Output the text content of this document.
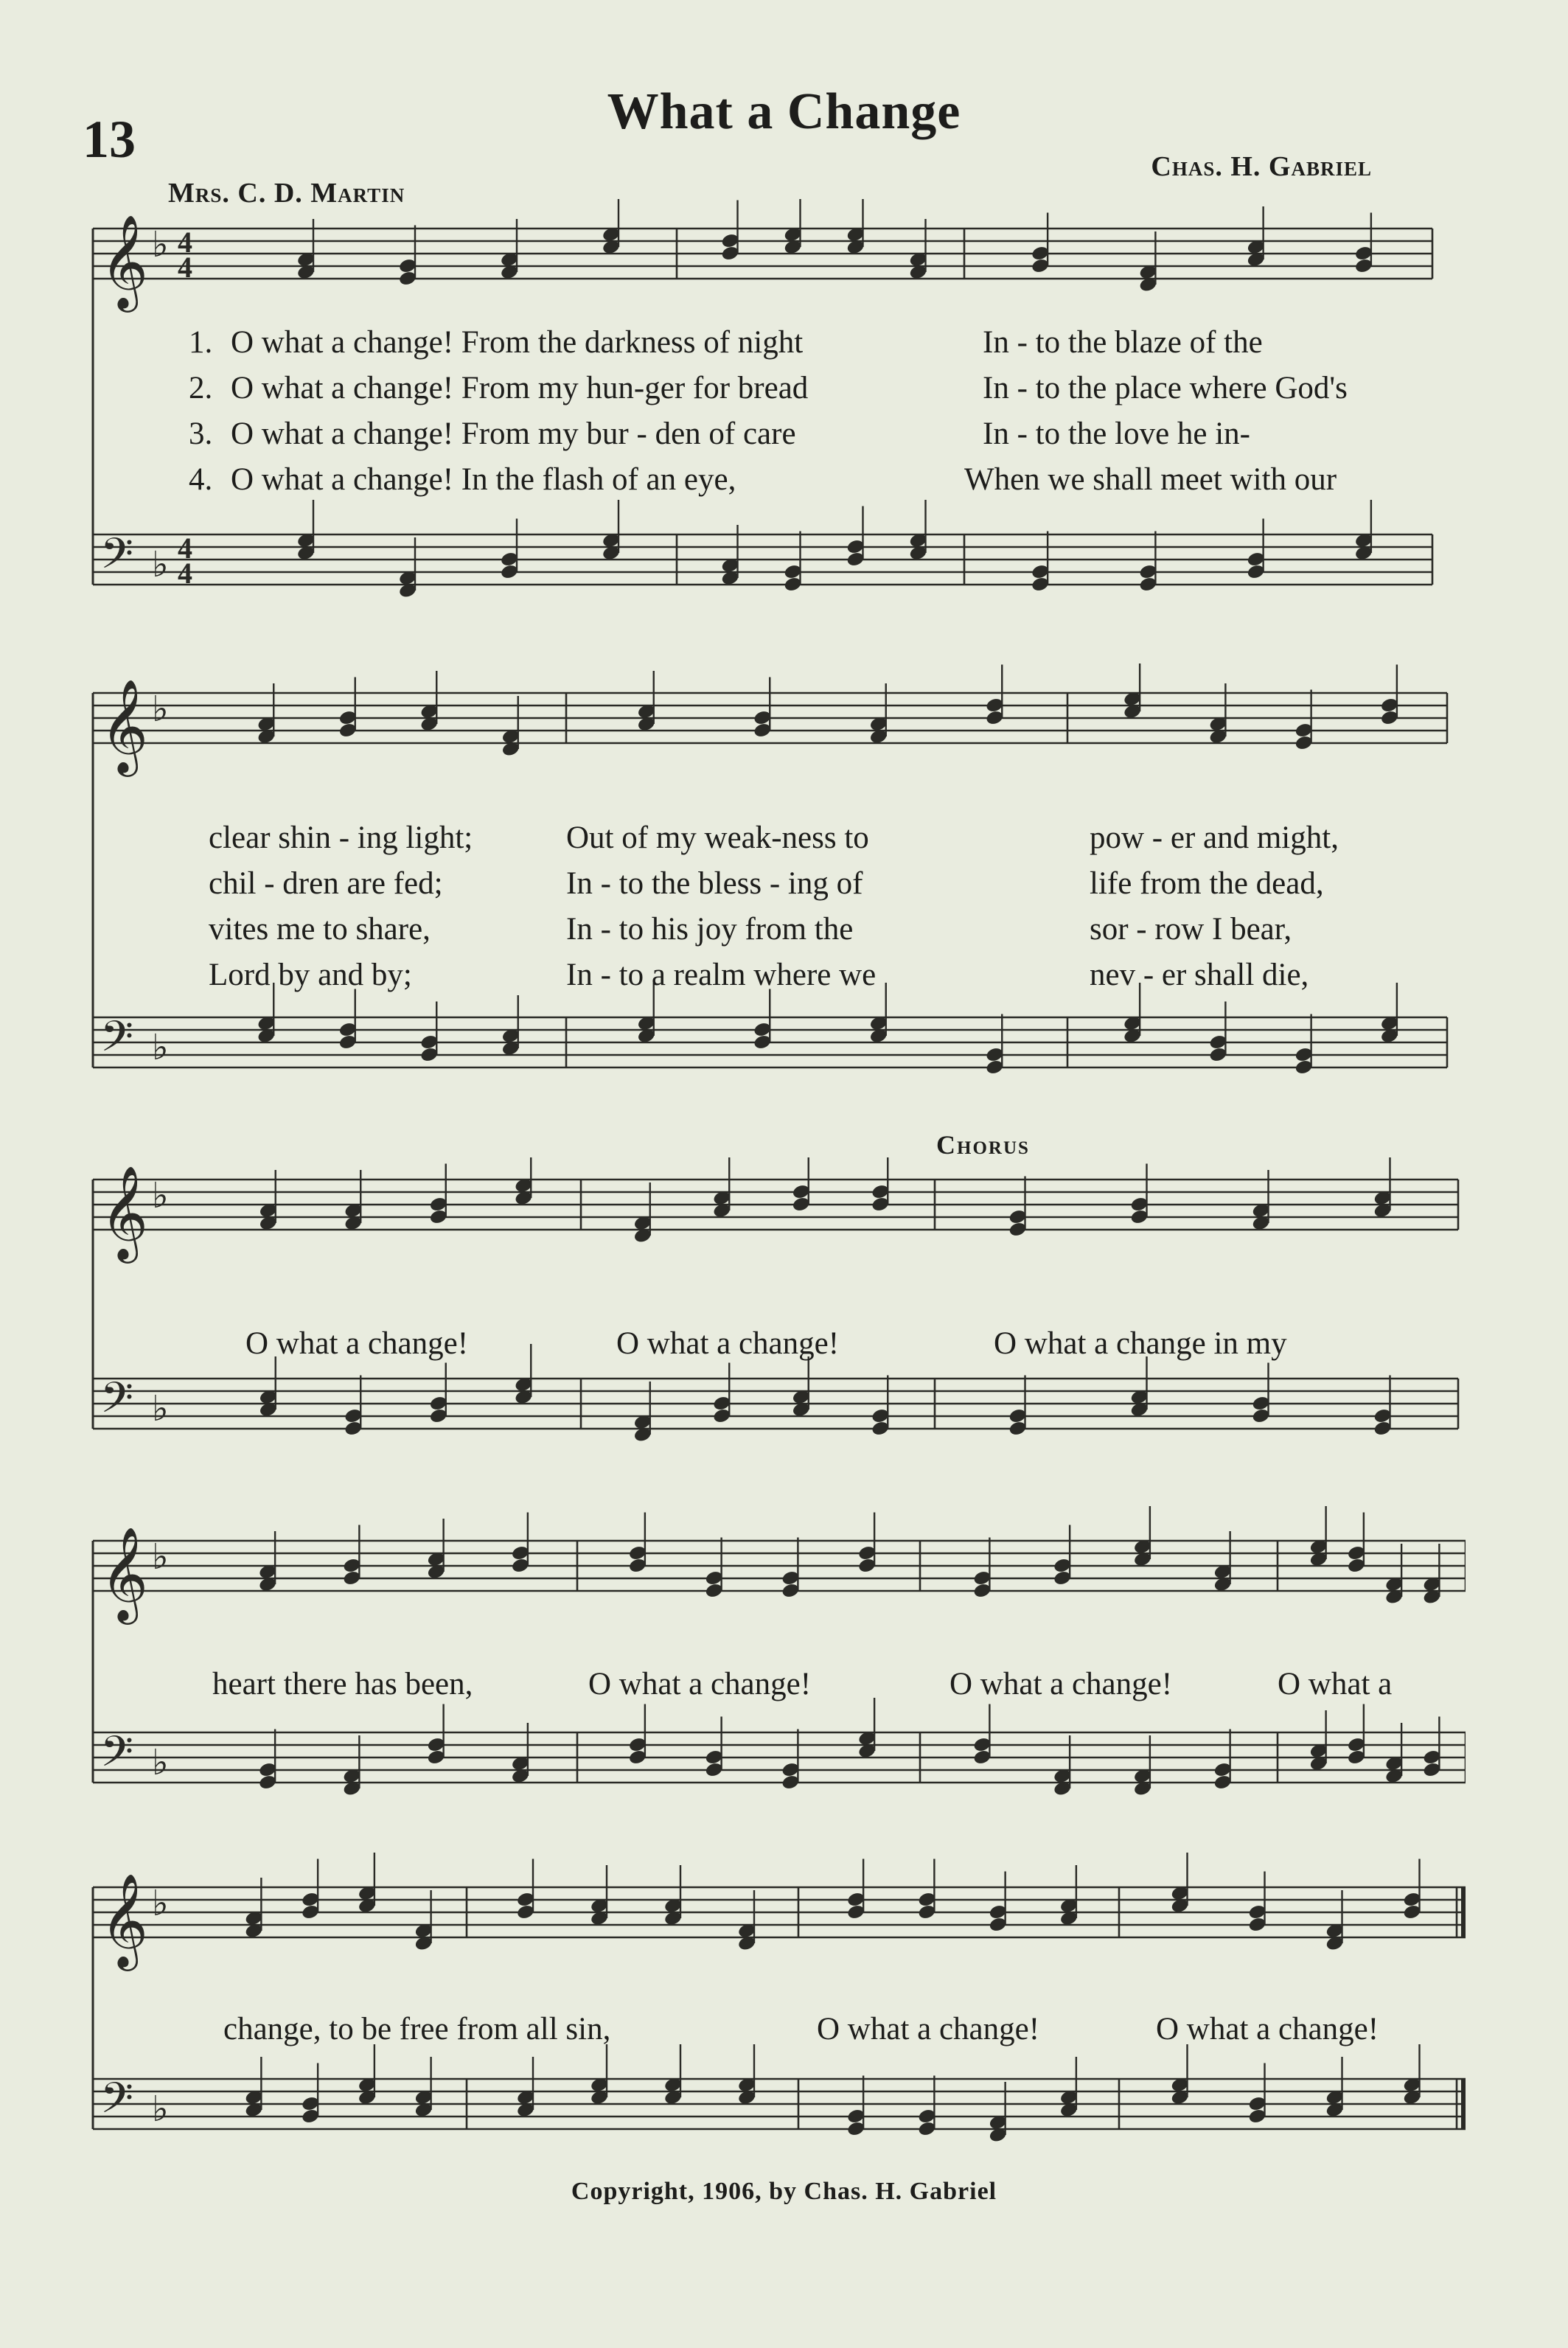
13	What a Change
Mrs. C. D. Martin
Chas. H. Gabriel
𝄞 ♭
𝄢 ♭
4
4
4
4
1. O what a change! From the darkness of night	In - to the blaze of the
2. O what a change! From my hun-ger for bread	In - to the place where God's
3. O what a change! From my bur - den of care	In - to the love he in-
4. O what a change! In the flash of an eye,	When we shall meet with our
𝄞 ♭
𝄢 ♭
clear shin - ing light;	Out of my weak-ness to	pow - er and might,
chil - dren are fed;	In - to the bless - ing of	life from the dead,
vites me to share,	In - to his joy from the	sor - row I bear,
Lord by and by;	In - to a realm where we	nev - er shall die,
Chorus
𝄞 ♭
𝄢 ♭
O what a change!	O what a change!	O what a change in my
𝄞 ♭
𝄢 ♭
heart there has been,	O what a change!	O what a change!	O what a
𝄞 ♭
𝄢 ♭
change, to be free from all sin,	O what a change!	O what a change!
Copyright, 1906, by Chas. H. Gabriel
